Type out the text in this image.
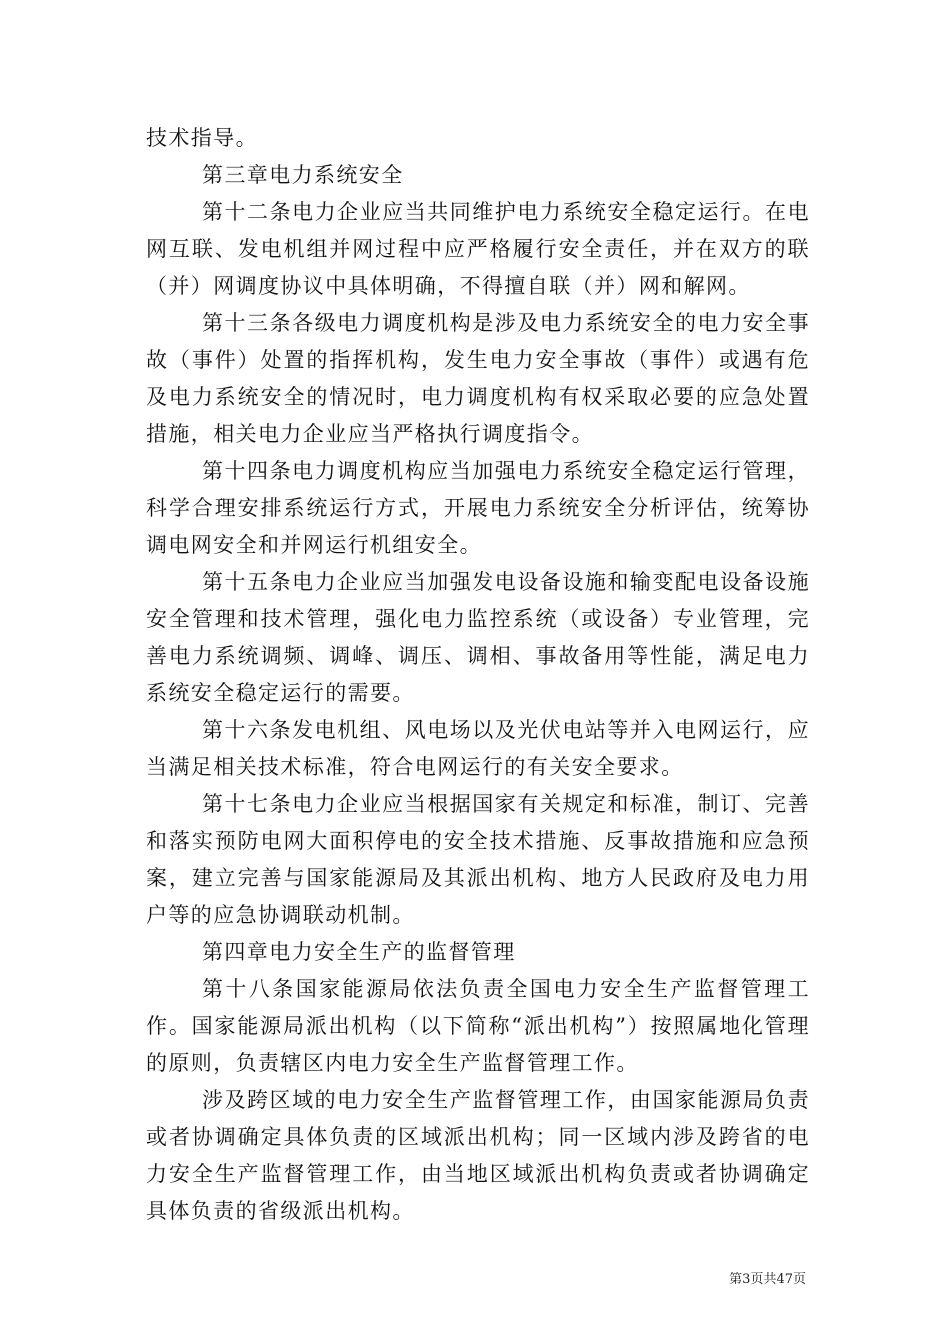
技术指导。

第三章电力系统安全

第十二条电力企业应当共同维护电力系统安全稳定运行。在电网互联、发电机组并网过程中应严格履行安全责任，并在双方的联（并）网调度协议中具体明确，不得擅自联（并）网和解网。

第十三条各级电力调度机构是涉及电力系统安全的电力安全事故（事件）处置的指挥机构，发生电力安全事故（事件）或遇有危及电力系统安全的情况时，电力调度机构有权采取必要的应急处置措施，相关电力企业应当严格执行调度指令。

第十四条电力调度机构应当加强电力系统安全稳定运行管理，科学合理安排系统运行方式，开展电力系统安全分析评估，统筹协调电网安全和并网运行机组安全。

第十五条电力企业应当加强发电设备设施和输变配电设备设施安全管理和技术管理，强化电力监控系统（或设备）专业管理，完善电力系统调频、调峰、调压、调相、事故备用等性能，满足电力系统安全稳定运行的需要。

第十六条发电机组、风电场以及光伏电站等并入电网运行，应当满足相关技术标准，符合电网运行的有关安全要求。

第十七条电力企业应当根据国家有关规定和标准，制订、完善和落实预防电网大面积停电的安全技术措施、反事故措施和应急预案，建立完善与国家能源局及其派出机构、地方人民政府及电力用户等的应急协调联动机制。

第四章电力安全生产的监督管理

第十八条国家能源局依法负责全国电力安全生产监督管理工作。国家能源局派出机构（以下简称“派出机构”）按照属地化管理的原则，负责辖区内电力安全生产监督管理工作。

涉及跨区域的电力安全生产监督管理工作，由国家能源局负责或者协调确定具体负责的区域派出机构；同一区域内涉及跨省的电力安全生产监督管理工作，由当地区域派出机构负责或者协调确定具体负责的省级派出机构。

第3页共47页
